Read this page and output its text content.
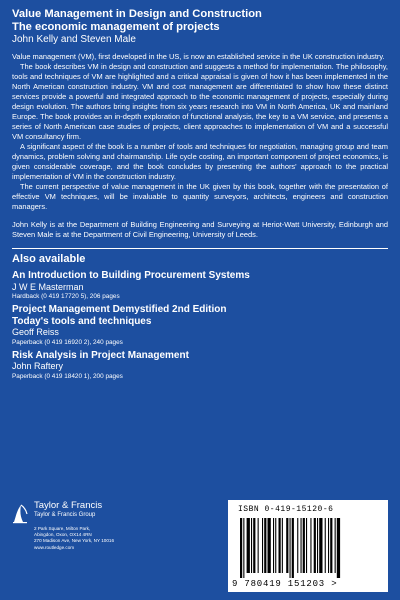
Value Management in Design and Construction

The economic management of projects

John Kelly and Steven Male

Value management (VM), first developed in the US, is now an established service in the UK construction industry.

The book describes VM in design and construction and suggests a method for implementation. The philosophy, tools and techniques of VM are highlighted and a critical appraisal is given of how it has been implemented in the North American construction industry. VM and cost management are differentiated to show how these distinct services provide a powerful and integrated approach to the economic management of projects, especially during design evolution. The authors bring insights from six years research into VM in North America, UK and mainland Europe. The book provides an in-depth exploration of functional analysis, the key to a VM service, and presents a series of North American case studies of projects, client approaches to implementation of VM and a successful VM consultancy firm.

A significant aspect of the book is a number of tools and techniques for negotiation, managing group and team dynamics, problem solving and chairmanship. Life cycle costing, an important component of project economics, is given considerable coverage, and the book concludes by presenting the authors' approach to the practical implementation of VM in the construction industry.

The current perspective of value management in the UK given by this book, together with the presentation of effective VM techniques, will be invaluable to quantity surveyors, architects, engineers and construction managers.

John Kelly is at the Department of Building Engineering and Surveying at Heriot-Watt University, Edinburgh and Steven Male is at the Department of Civil Engineering, University of Leeds.

Also available

An Introduction to Building Procurement Systems

J W E Masterman

Hardback (0 419 17720 5), 206 pages

Project Management Demystified 2nd Edition
Today's tools and techniques

Geoff Reiss

Paperback (0 419 16920 2), 240 pages

Risk Analysis in Project Management

John Raftery

Paperback (0 419 18420 1), 200 pages

Taylor & Francis
Taylor & Francis Group
2 Park Square, Milton Park,
Abingdon, Oxon, OX14 4RN
270 Madison Ave, New York, NY 10016
www.routledge.com
ISBN 0-419-15120-6
9 780419 151203 >
